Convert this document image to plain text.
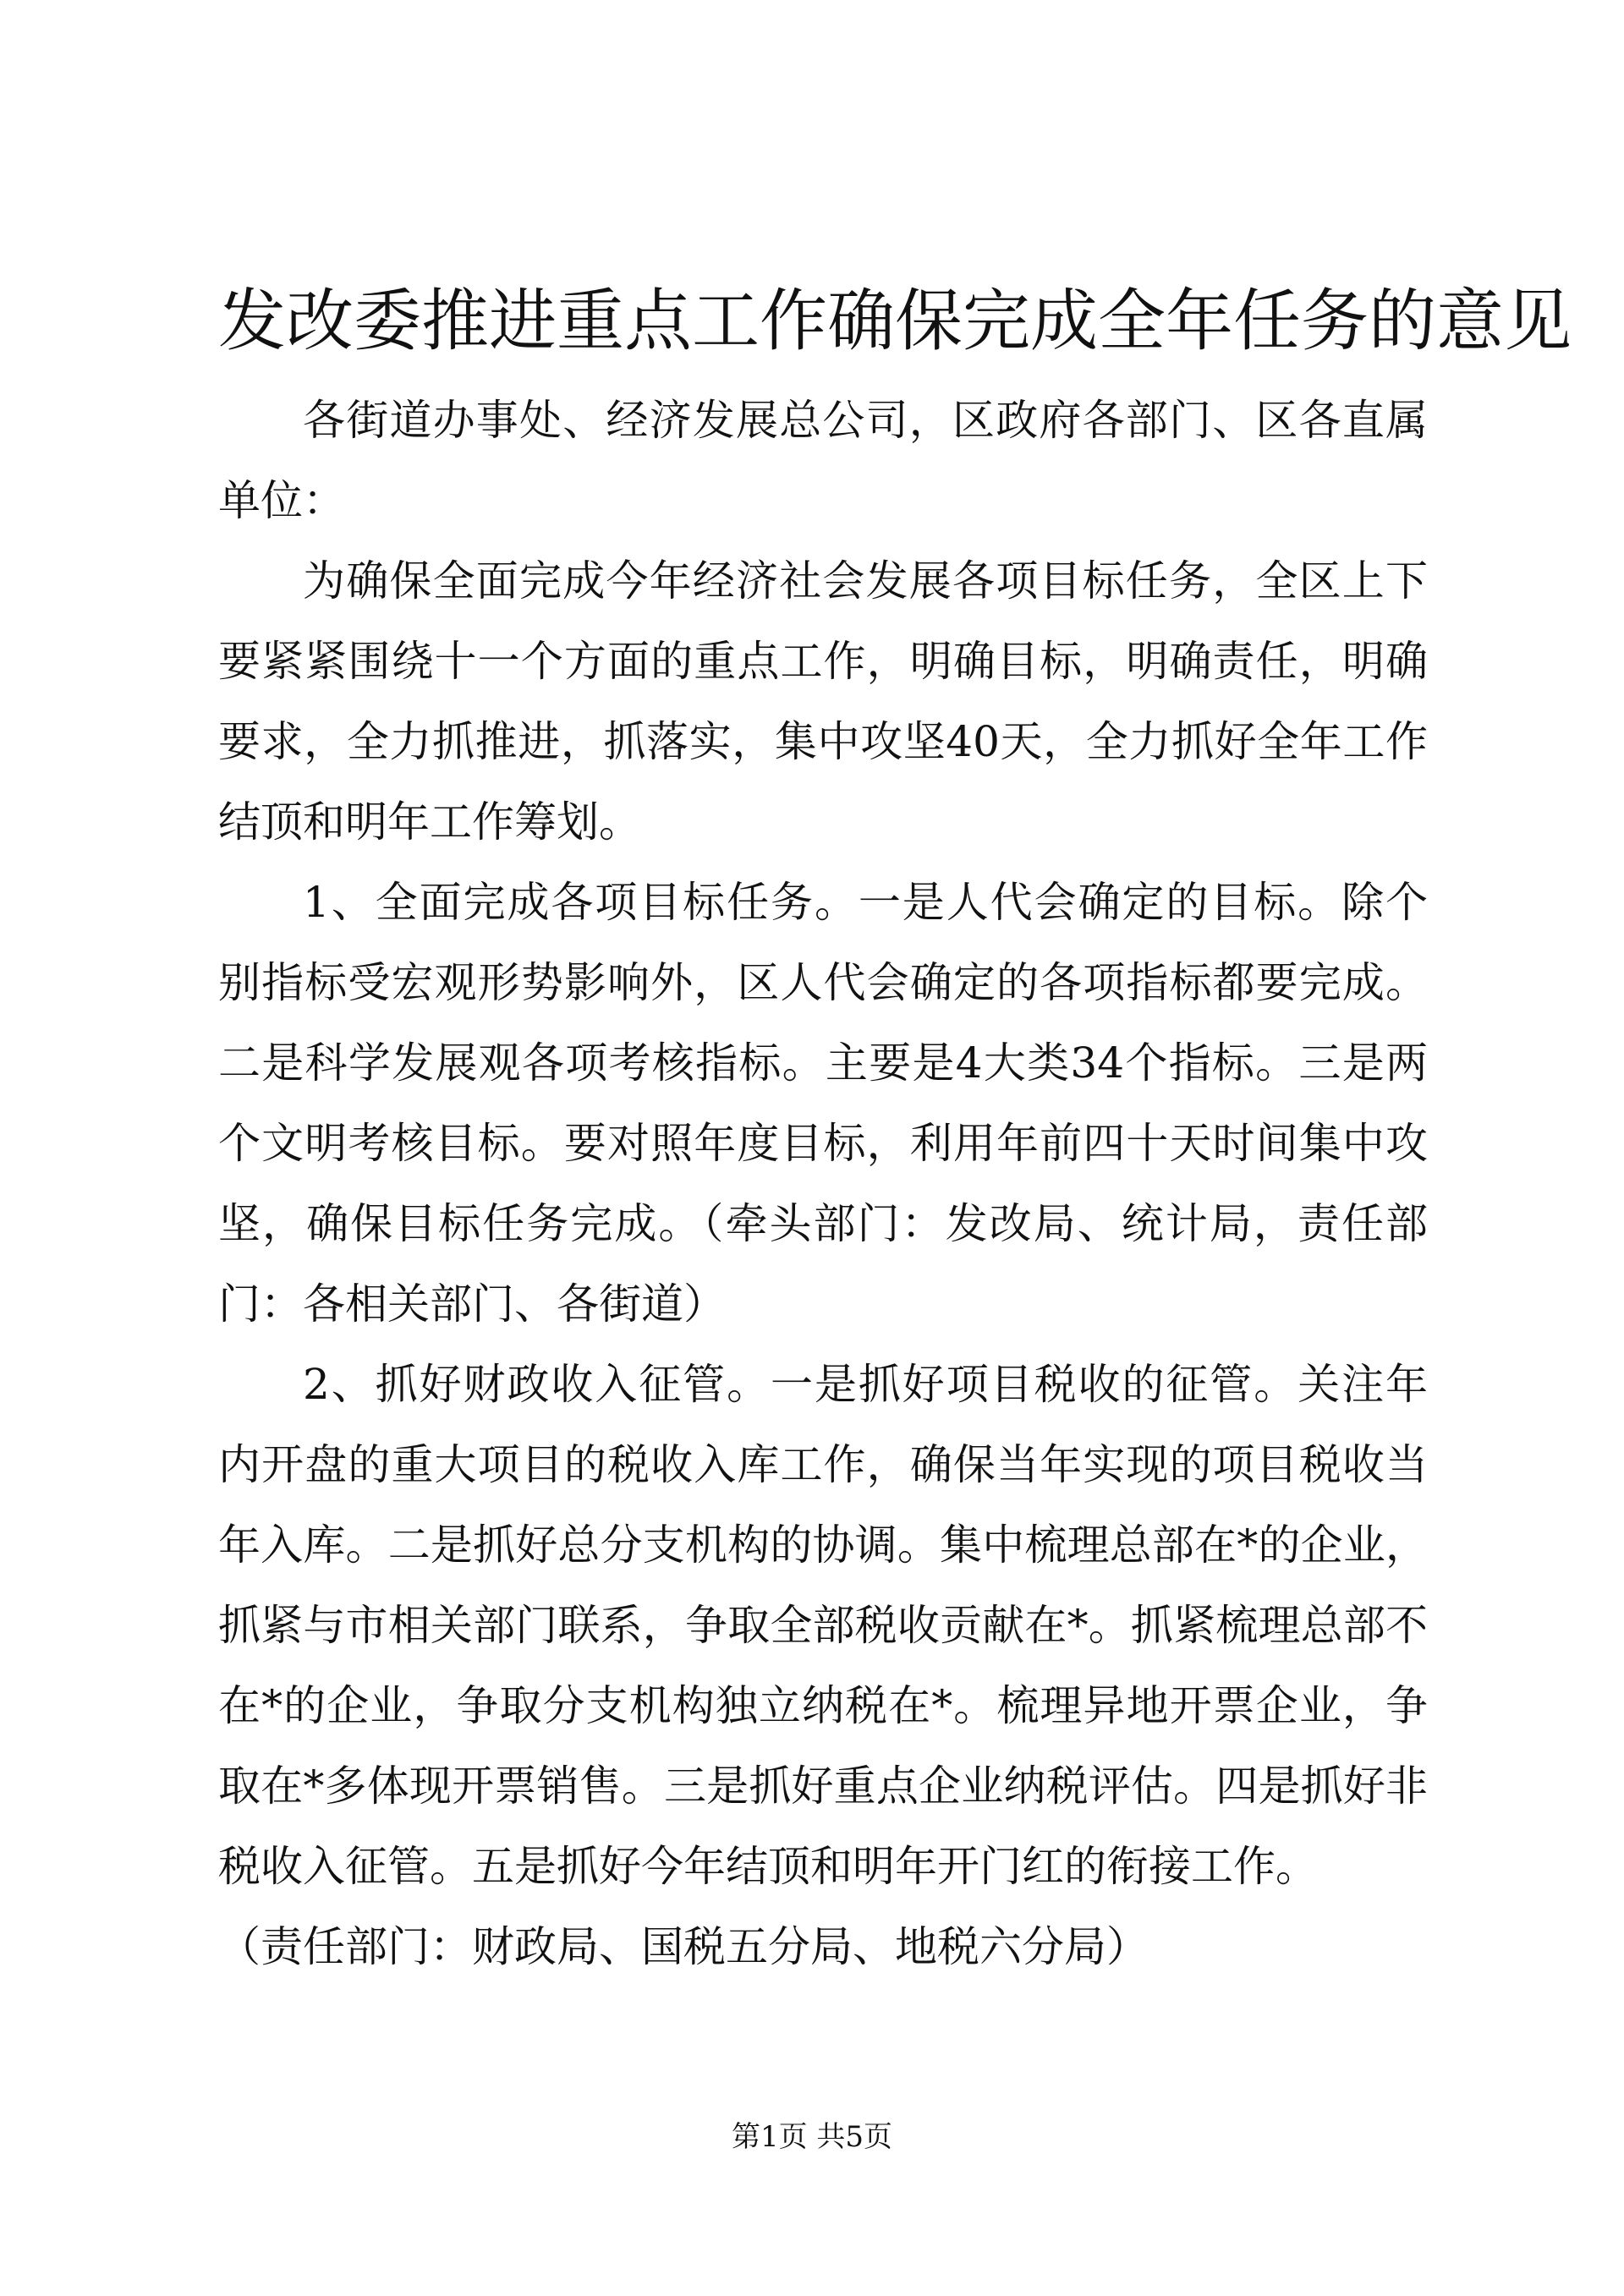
发改委推进重点工作确保完成全年任务的意见

各街道办事处、经济发展总公司，区政府各部门、区各直属单位：

为确保全面完成今年经济社会发展各项目标任务，全区上下要紧紧围绕十一个方面的重点工作，明确目标，明确责任，明确要求，全力抓推进，抓落实，集中攻坚40天，全力抓好全年工作结顶和明年工作筹划。

1、全面完成各项目标任务。一是人代会确定的目标。除个别指标受宏观形势影响外，区人代会确定的各项指标都要完成。二是科学发展观各项考核指标。主要是4大类34个指标。三是两个文明考核目标。要对照年度目标，利用年前四十天时间集中攻坚，确保目标任务完成。（牵头部门：发改局、统计局，责任部门：各相关部门、各街道）

2、抓好财政收入征管。一是抓好项目税收的征管。关注年内开盘的重大项目的税收入库工作，确保当年实现的项目税收当年入库。二是抓好总分支机构的协调。集中梳理总部在*的企业，抓紧与市相关部门联系，争取全部税收贡献在*。抓紧梳理总部不在*的企业，争取分支机构独立纳税在*。梳理异地开票企业，争取在*多体现开票销售。三是抓好重点企业纳税评估。四是抓好非税收入征管。五是抓好今年结顶和明年开门红的衔接工作。

（责任部门：财政局、国税五分局、地税六分局）

第1页 共5页
